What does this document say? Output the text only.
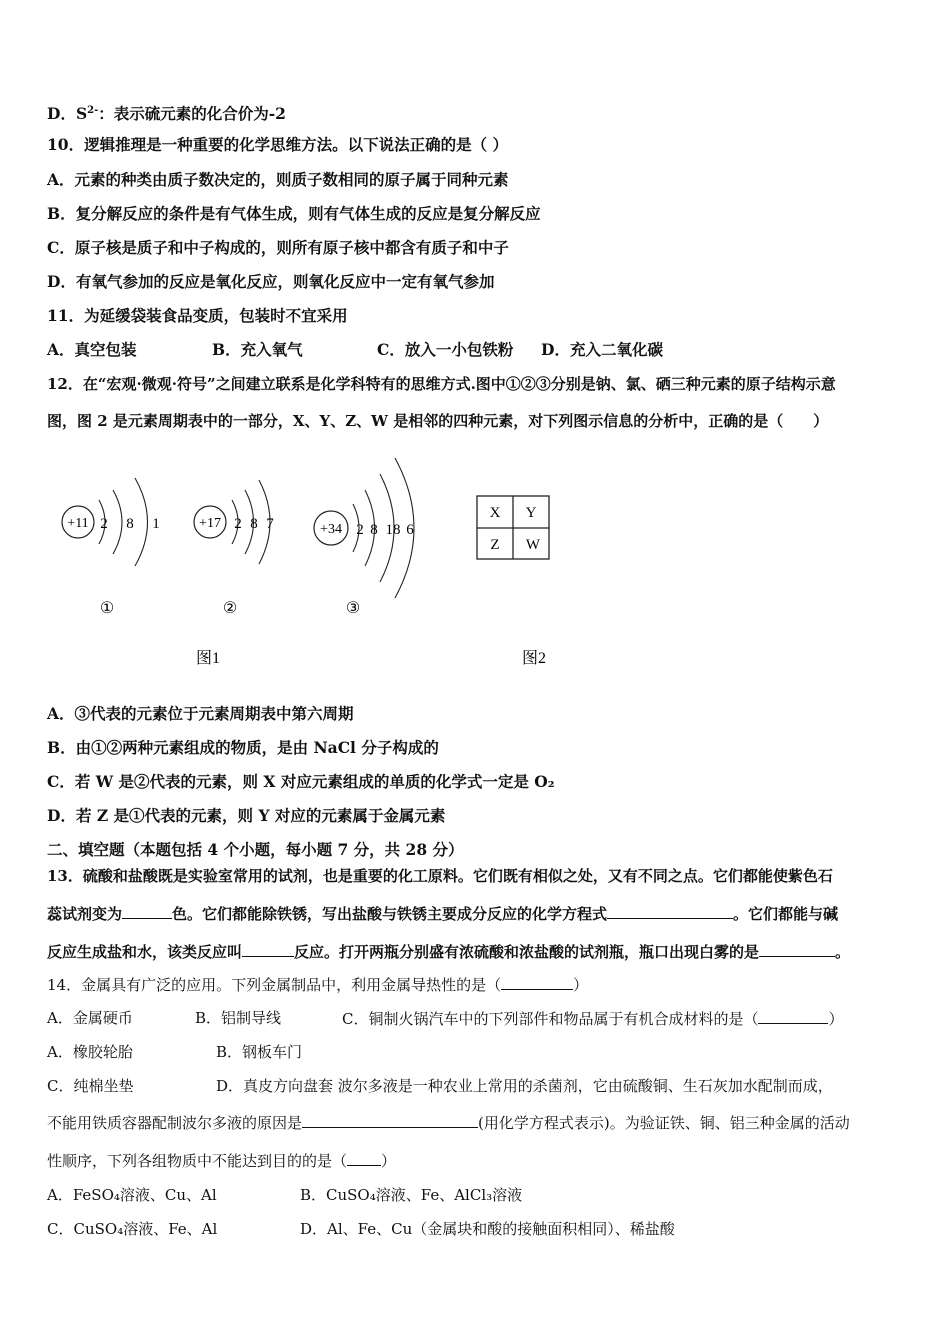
D．$S^{2-}$：表示硫元素的化合价为-2
10．逻辑推理是一种重要的化学思维方法。以下说法正确的是（ ）
A．元素的种类由质子数决定的，则质子数相同的原子属于同种元素
B．复分解反应的条件是有气体生成，则有气体生成的反应是复分解反应
C．原子核是质子和中子构成的，则所有原子核中都含有质子和中子
D．有氧气参加的反应是氧化反应，则氧化反应中一定有氧气参加
11．为延缓袋装食品变质，包装时不宜采用
A．真空包装	B．充入氧气	C．放入一小包铁粉 D．充入二氧化碳
12．在“宏观·微观·符号”之间建立联系是化学科特有的思维方式.图中①②③分别是钠、氯、硒三种元素的原子结构示意
图，图 2 是元素周期表中的一部分，X、Y、Z、W 是相邻的四种元素，对下列图示信息的分析中，正确的是（　　）
+11 2 8 1
①
+17 2 8 7
②
+34 2 8 18 6
③
X Y
Z W
图1	图2
A．③代表的元素位于元素周期表中第六周期
B．由①②两种元素组成的物质，是由 NaCl 分子构成的
C．若 W 是②代表的元素，则 X 对应元素组成的单质的化学式一定是 O₂
D．若 Z 是①代表的元素，则 Y 对应的元素属于金属元素
二、填空题（本题包括 4 个小题，每小题 7 分，共 28 分）
13．硫酸和盐酸既是实验室常用的试剂，也是重要的化工原料。它们既有相似之处，又有不同之点。它们都能使紫色石
蕊试剂变为	色。它们都能除铁锈，写出盐酸与铁锈主要成分反应的化学方程式	。它们都能与碱
反应生成盐和水，该类反应叫	反应。打开两瓶分别盛有浓硫酸和浓盐酸的试剂瓶，瓶口出现白雾的是	。
14．金属具有广泛的应用。下列金属制品中，利用金属导热性的是（	）
A．金属硬币	B．铝制导线	C．铜制火锅汽车中的下列部件和物品属于有机合成材料的是（	）
A．橡胶轮胎	B．钢板车门
C．纯棉坐垫	D．真皮方向盘套 波尔多液是一种农业上常用的杀菌剂，它由硫酸铜、生石灰加水配制而成，
不能用铁质容器配制波尔多液的原因是	(用化学方程式表示)。为验证铁、铜、铝三种金属的活动
性顺序，下列各组物质中不能达到目的的是（ ）
A．FeSO₄溶液、Cu、Al	B．CuSO₄溶液、Fe、AlCl₃溶液
C．CuSO₄溶液、Fe、Al	D．Al、Fe、Cu（金属块和酸的接触面积相同）、稀盐酸
